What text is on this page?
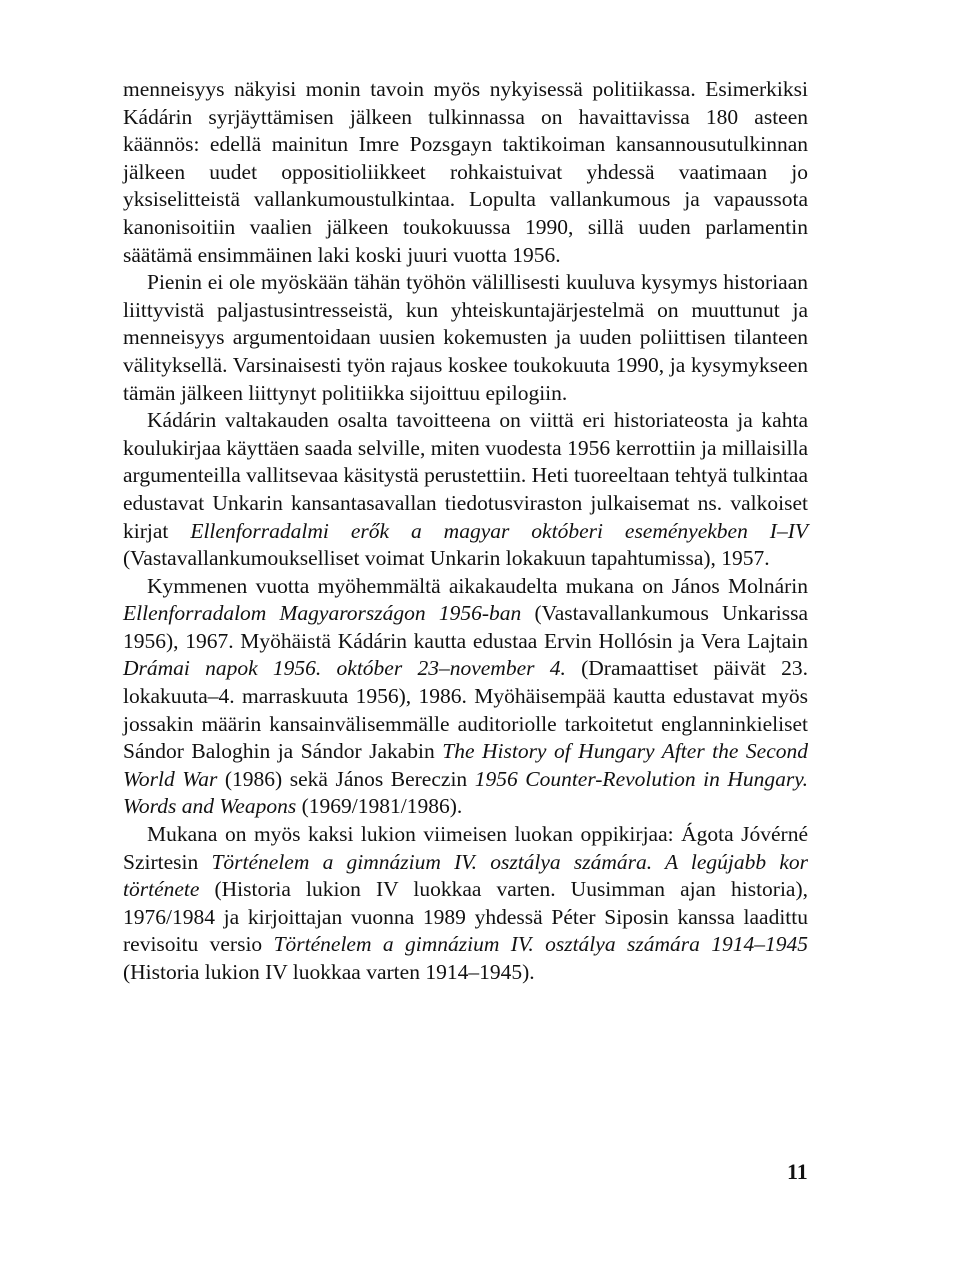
menneisyys näkyisi monin tavoin myös nykyisessä politiikassa. Esimerkiksi Kádárin syrjäyttämisen jälkeen tulkinnassa on havaittavissa 180 asteen käännös: edellä mainitun Imre Pozsgayn taktikoiman kansannousutulkinnan jälkeen uudet oppositioliikkeet rohkaistuivat yhdessä vaatimaan jo yksiselitteistä vallankumoustulkintaa. Lopulta vallankumous ja vapaussota kanonisoitiin vaalien jälkeen toukokuussa 1990, sillä uuden parlamentin säätämä ensimmäinen laki koski juuri vuotta 1956.

Pienin ei ole myöskään tähän työhön välillisesti kuuluva kysymys historiaan liittyvistä paljastusintresseistä, kun yhteiskuntajärjestelmä on muuttunut ja menneisyys argumentoidaan uusien kokemusten ja uuden poliittisen tilanteen välityksellä. Varsinaisesti työn rajaus koskee toukokuuta 1990, ja kysymykseen tämän jälkeen liittynyt politiikka sijoittuu epilogiin.

Kádárin valtakauden osalta tavoitteena on viittä eri historiateosta ja kahta koulukirjaa käyttäen saada selville, miten vuodesta 1956 kerrottiin ja millaisilla argumenteilla vallitsevaa käsitystä perustettiin. Heti tuoreeltaan tehtyä tulkintaa edustavat Unkarin kansantasavallan tiedotusviraston julkaisemat ns. valkoiset kirjat Ellenforradalmi erők a magyar októberi eseményekben I–IV (Vastavallankumoukselliset voimat Unkarin lokakuun tapahtumissa), 1957.

Kymmenen vuotta myöhemmältä aikakaudelta mukana on János Molnárin Ellenforradalom Magyarországon 1956-ban (Vastavallankumous Unkarissa 1956), 1967. Myöhäistä Kádárin kautta edustaa Ervin Hollósin ja Vera Lajtain Drámai napok 1956. október 23–november 4. (Dramaattiset päivät 23. lokakuuta–4. marraskuuta 1956), 1986. Myöhäisempää kautta edustavat myös jossakin määrin kansainvälisemmälle auditoriolle tarkoitetut englanninkieliset Sándor Baloghin ja Sándor Jakabin The History of Hungary After the Second World War (1986) sekä János Bereczin 1956 Counter-Revolution in Hungary. Words and Weapons (1969/1981/1986).

Mukana on myös kaksi lukion viimeisen luokan oppikirjaa: Ágota Jóvérné Szirtesin Történelem a gimnázium IV. osztálya számára. A legújabb kor története (Historia lukion IV luokkaa varten. Uusimman ajan historia), 1976/1984 ja kirjoittajan vuonna 1989 yhdessä Péter Siposin kanssa laadittu revisoitu versio Történelem a gimnázium IV. osztálya számára 1914–1945 (Historia lukion IV luokkaa varten 1914–1945).

11
